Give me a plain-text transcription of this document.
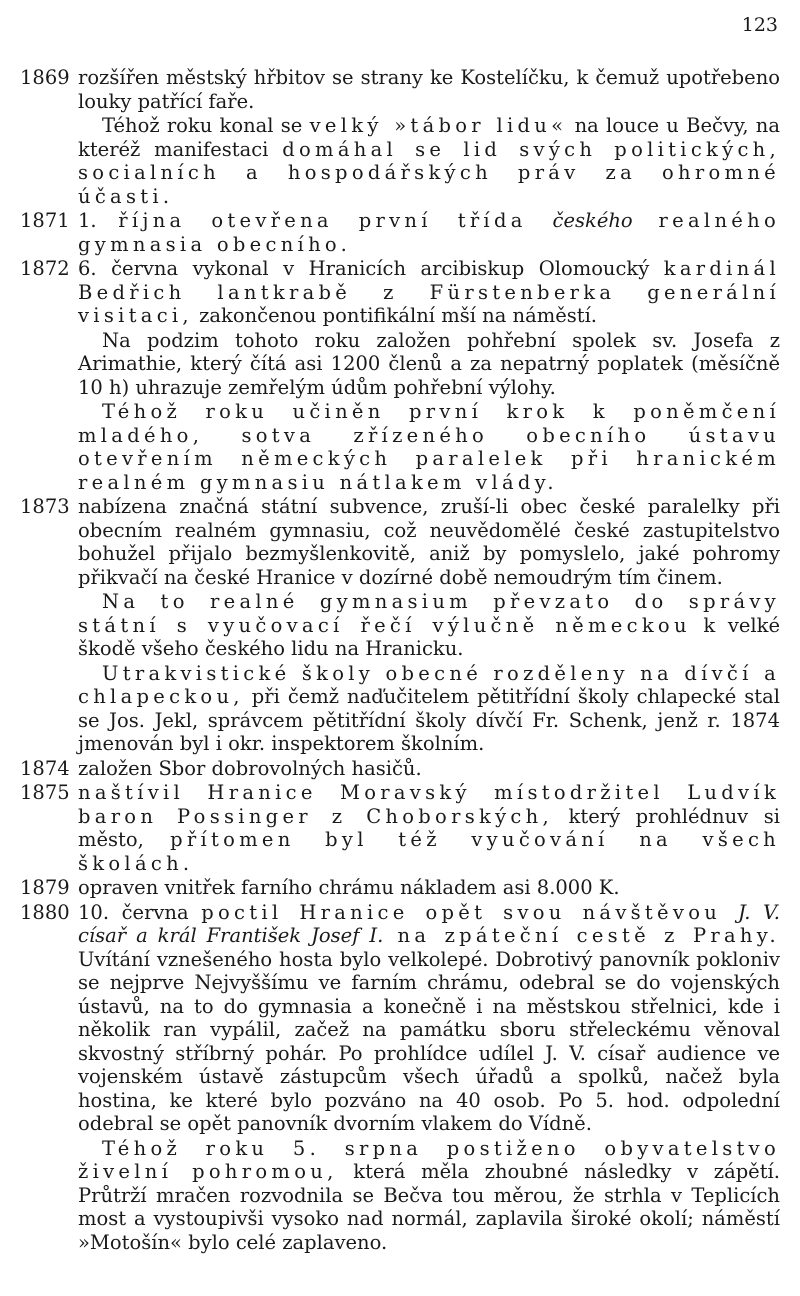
123
1869 rozšířen městský hřbitov se strany ke Kostelíčku, k čemuž upotřebeno louky patřící faře.

Téhož roku konal se velký »tábor lidu« na louce u Bečvy, na kteréž manifestaci domáhal se lid svých politických, socialních a hospodářských práv za ohromné účasti.

1871 1. října otevřena první třída českého realného gymnasia obecního.

1872 6. června vykonal v Hranicích arcibiskup Olomoucký kardinál Bedřich lantkrabě z Fürstenberka generální visitaci, zakončenou pontifikální mší na náměstí.

Na podzim tohoto roku založen pohřební spolek sv. Josefa z Arimathie, který čítá asi 1200 členů a za nepatrný poplatek (měsíčně 10 h) uhrazuje zemřelým údům pohřební výlohy.

Téhož roku učiněn první krok k poněmčení mladého, sotva zřízeného obecního ústavu otevřením německých paralelek při hranickém realném gymnasiu nátlakem vlády.

1873 nabízena značná státní subvence, zruší-li obec české paralelky při obecním realném gymnasiu, což neuvědomělé české zastupitelstvo bohužel přijalo bezmyšlenkovitě, aniž by pomyslelo, jaké pohromy přikvačí na české Hranice v dozírné době nemoudrým tím činem.

Na to realné gymnasium převzato do správy státní s vyučovací řečí výlučně německou k velké škodě všeho českého lidu na Hranicku.

Utrakvistické školy obecné rozděleny na dívčí a chlapeckou, při čemž naďučitelem pětitřídní školy chlapecké stal se Jos. Jekl, správcem pětitřídní školy dívčí Fr. Schenk, jenž r. 1874 jmenován byl i okr. inspektorem školním.

1874 založen Sbor dobrovolných hasičů.

1875 naštívil Hranice Moravský místodržitel Ludvík baron Possinger z Choborských, který prohlédnuv si město, přítomen byl též vyučování na všech školách.

1879 opraven vnitřek farního chrámu nákladem asi 8.000 K.

1880 10. června poctil Hranice opět svou návštěvou J. V. císař a král František Josef I. na zpáteční cestě z Prahy. Uvítání vznešeného hosta bylo velkolepé. Dobrotivý panovník pokloniv se nejprve Nejvyššímu ve farním chrámu, odebral se do vojenských ústavů, na to do gymnasia a konečně i na městskou střelnici, kde i několik ran vypálil, začež na památku sboru střeleckému věnoval skvostný stříbrný pohár. Po prohlídce udílel J. V. císař audience ve vojenském ústavě zástupcům všech úřadů a spolků, načež byla hostina, ke které bylo pozváno na 40 osob. Po 5. hod. odpolední odebral se opět panovník dvorním vlakem do Vídně.

Téhož roku 5. srpna postiženo obyvatelstvo živelní pohromou, která měla zhoubné následky v zápětí. Průtrží mračen rozvodnila se Bečva tou měrou, že strhla v Teplicích most a vystoupivši vysoko nad normál, zaplavila široké okolí; náměstí »Motošín« bylo celé zaplaveno.
